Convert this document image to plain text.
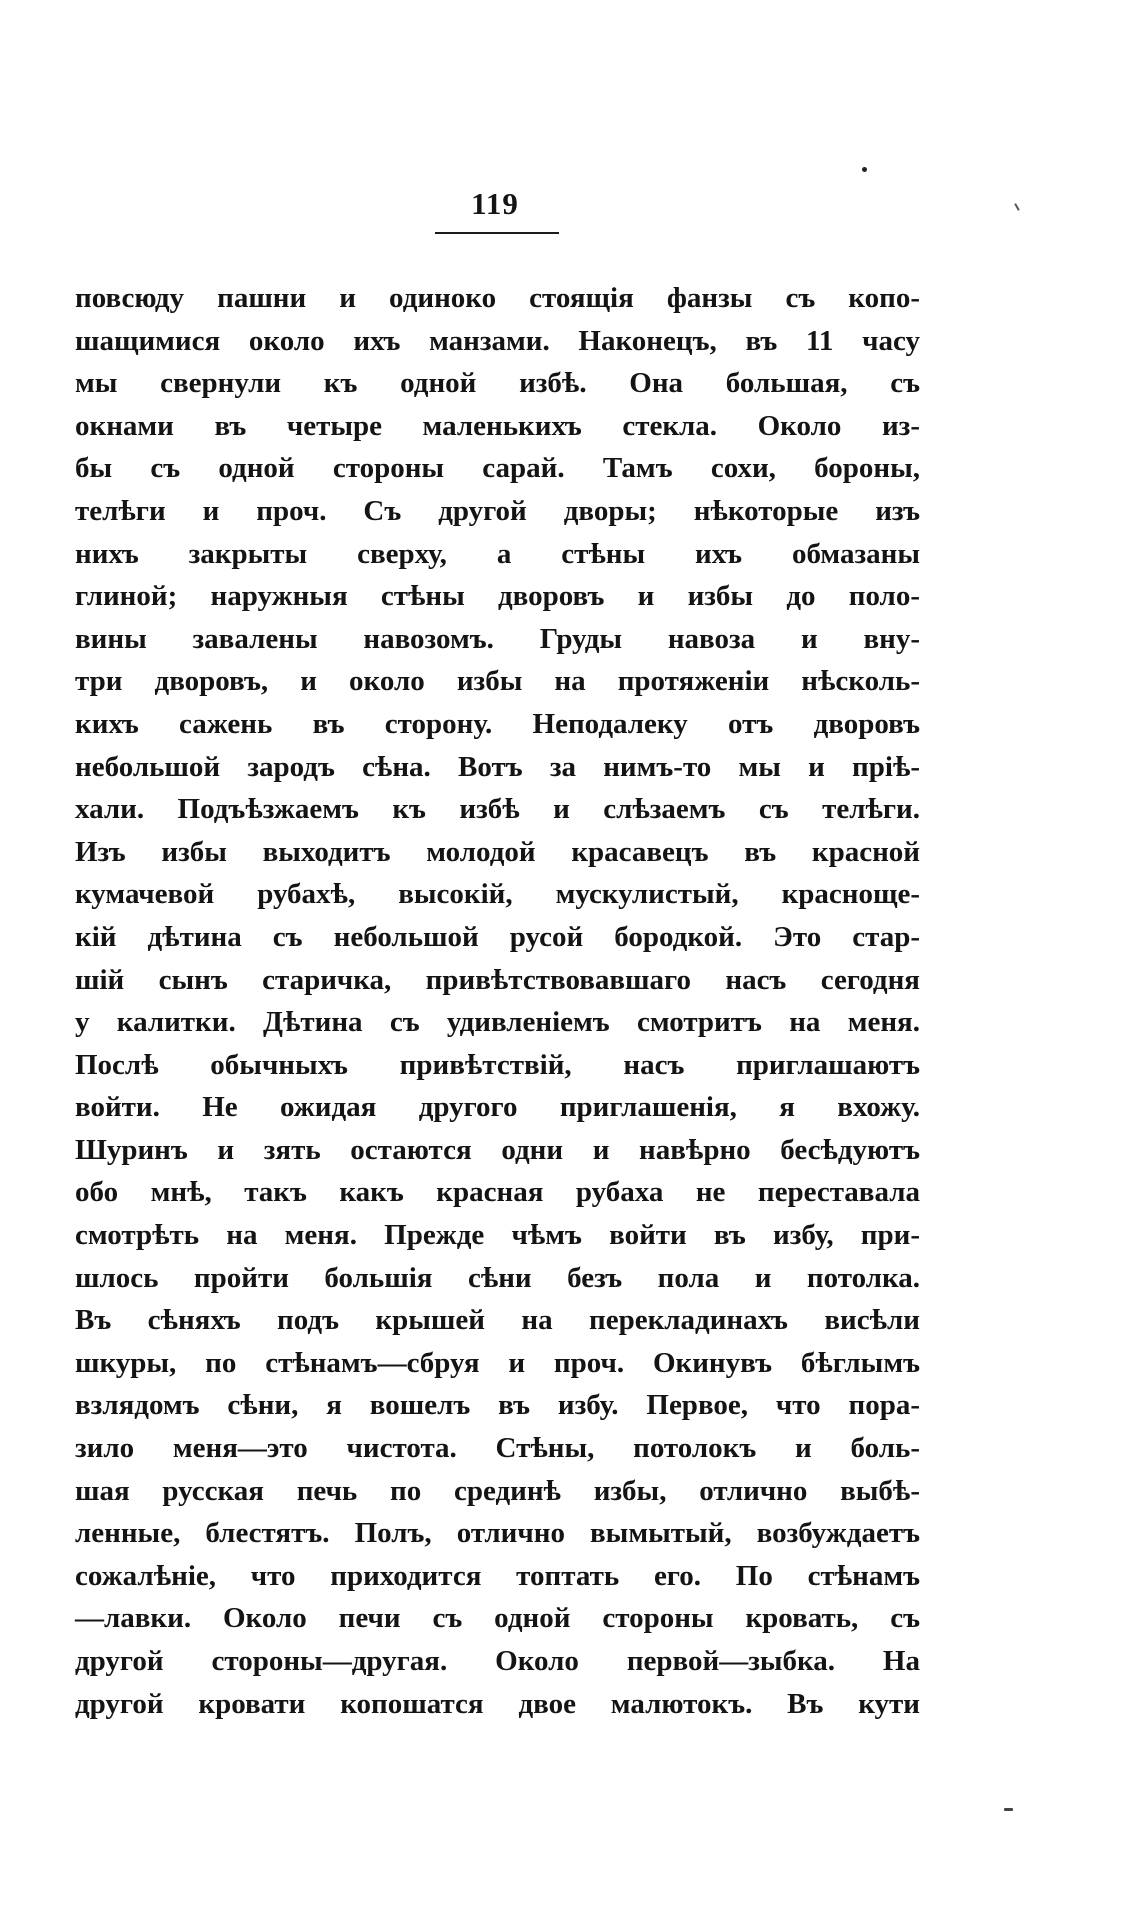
119
повсюду пашни и одиноко стоящія фанзы съ копо-
шащимися около ихъ манзами. Наконецъ, въ 11 часу
мы свернули къ одной избѣ. Она большая, съ
окнами въ четыре маленькихъ стекла. Около из-
бы съ одной стороны сарай. Тамъ сохи, бороны,
телѣги и проч. Съ другой дворы; нѣкоторые изъ
нихъ закрыты сверху, а стѣны ихъ обмазаны
глиной; наружныя стѣны дворовъ и избы до поло-
вины завалены навозомъ. Груды навоза и вну-
три дворовъ, и около избы на протяженіи нѣсколь-
кихъ сажень въ сторону. Неподалеку отъ дворовъ
небольшой зародъ сѣна. Вотъ за нимъ-то мы и пріѣ-
хали. Подъѣзжаемъ къ избѣ и слѣзаемъ съ телѣги.
Изъ избы выходитъ молодой красавецъ въ красной
кумачевой рубахѣ, высокій, мускулистый, краснощe-
кій дѣтина съ небольшой русой бородкой. Это стар-
шій сынъ старичка, привѣтствовавшаго насъ сегодня
у калитки. Дѣтина съ удивленіемъ смотритъ на меня.
Послѣ обычныхъ привѣтствій, насъ приглашаютъ
войти. Не ожидая другого приглашенія, я вхожу.
Шуринъ и зять остаются одни и навѣрно бесѣдуютъ
обо мнѣ, такъ какъ красная рубаха не переставала
смотрѣть на меня. Прежде чѣмъ войти въ избу, при-
шлось пройти большія сѣни безъ пола и потолка.
Въ сѣняхъ подъ крышей на перекладинахъ висѣли
шкуры, по стѣнамъ—сбруя и проч. Окинувъ бѣглымъ
взлядомъ сѣни, я вошелъ въ избу. Первое, что пора-
зило меня—это чистота. Стѣны, потолокъ и боль-
шая русская печь по срединѣ избы, отлично выбѣ-
ленные, блестятъ. Полъ, отлично вымытый, возбуждаетъ
сожалѣніе, что приходится топтать его. По стѣнамъ
—лавки. Около печи съ одной стороны кровать, съ
другой стороны—другая. Около первой—зыбка. На
другой кровати копошатся двое малютокъ. Въ кути
